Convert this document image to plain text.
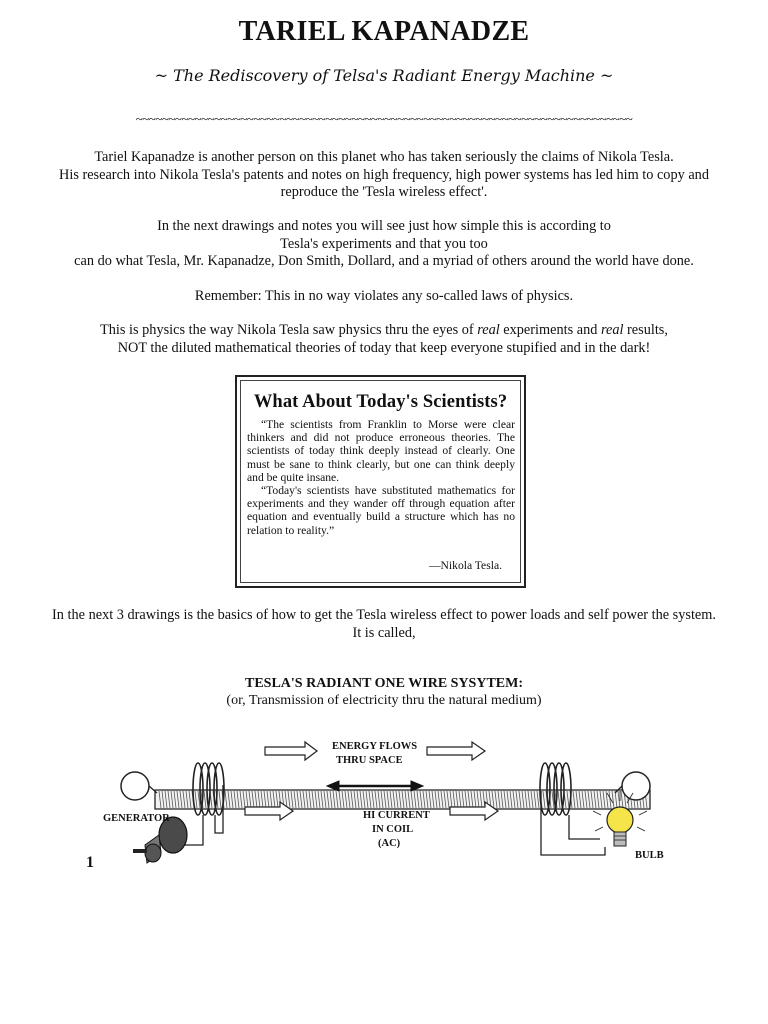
TARIEL KAPANADZE
~ The Rediscovery of Telsa's Radiant Energy Machine ~
~~~~~~~~~~~~~~~~~~~~~~~~~~~~~~~~~~~~~~~~~~~~~~~~~~~~~~~~~~~~~~~~~~~~~~~~~~~~
Tariel Kapanadze is another person on this planet who has taken seriously the claims of Nikola Tesla.
His research into Nikola Tesla's patents and notes on high frequency, high power systems has led him to copy and
reproduce the 'Tesla wireless effect'.
In the next drawings and notes you will see just how simple this is according to
Tesla's experiments and that you too
can do what Tesla, Mr. Kapanadze, Don Smith, Dollard, and a myriad of others around the world have done.
Remember: This in no way violates any so-called laws of physics.
This is physics the way Nikola Tesla saw physics thru the eyes of real experiments and real results,
NOT the diluted mathematical theories of today that keep everyone stupified and in the dark!
What About Today's Scientists?
“The scientists from Franklin to Morse were clear thinkers and did not produce erroneous theories. The scientists of today think deeply instead of clearly. One must be sane to think clearly, but one can think deeply and be quite insane.
“Today's scientists have substituted mathematics for experiments and they wander off through equation after equation and eventually build a structure which has no relation to reality.”
—Nikola Tesla.
In the next 3 drawings is the basics of how to get the Tesla wireless effect to power loads and self power the system.
It is called,
TESLA'S RADIANT ONE WIRE SYSYTEM:
(or, Transmission of electricity thru the natural medium)
GENERATOR
BULB
ENERGY FLOWS
THRU SPACE
HI CURRENT
IN COIL
(AC)
1
